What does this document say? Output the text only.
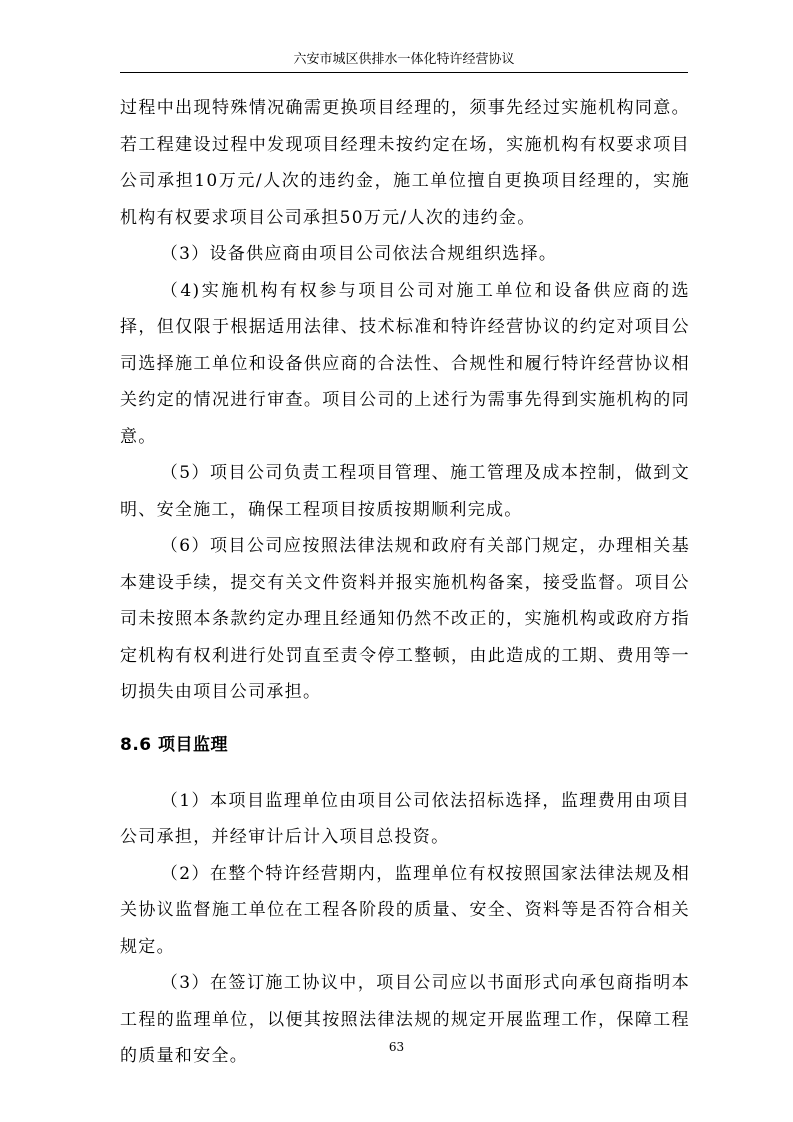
六安市城区供排水一体化特许经营协议

过程中出现特殊情况确需更换项目经理的，须事先经过实施机构同意。若工程建设过程中发现项目经理未按约定在场，实施机构有权要求项目公司承担10万元/人次的违约金，施工单位擅自更换项目经理的，实施机构有权要求项目公司承担50万元/人次的违约金。

（3）设备供应商由项目公司依法合规组织选择。

（4)实施机构有权参与项目公司对施工单位和设备供应商的选择，但仅限于根据适用法律、技术标准和特许经营协议的约定对项目公司选择施工单位和设备供应商的合法性、合规性和履行特许经营协议相关约定的情况进行审查。项目公司的上述行为需事先得到实施机构的同意。

（5）项目公司负责工程项目管理、施工管理及成本控制，做到文明、安全施工，确保工程项目按质按期顺利完成。

（6）项目公司应按照法律法规和政府有关部门规定，办理相关基本建设手续，提交有关文件资料并报实施机构备案，接受监督。项目公司未按照本条款约定办理且经通知仍然不改正的，实施机构或政府方指定机构有权利进行处罚直至责令停工整顿，由此造成的工期、费用等一切损失由项目公司承担。

8.6 项目监理

（1）本项目监理单位由项目公司依法招标选择，监理费用由项目公司承担，并经审计后计入项目总投资。

（2）在整个特许经营期内，监理单位有权按照国家法律法规及相关协议监督施工单位在工程各阶段的质量、安全、资料等是否符合相关规定。

（3）在签订施工协议中，项目公司应以书面形式向承包商指明本工程的监理单位，以便其按照法律法规的规定开展监理工作，保障工程的质量和安全。	63
